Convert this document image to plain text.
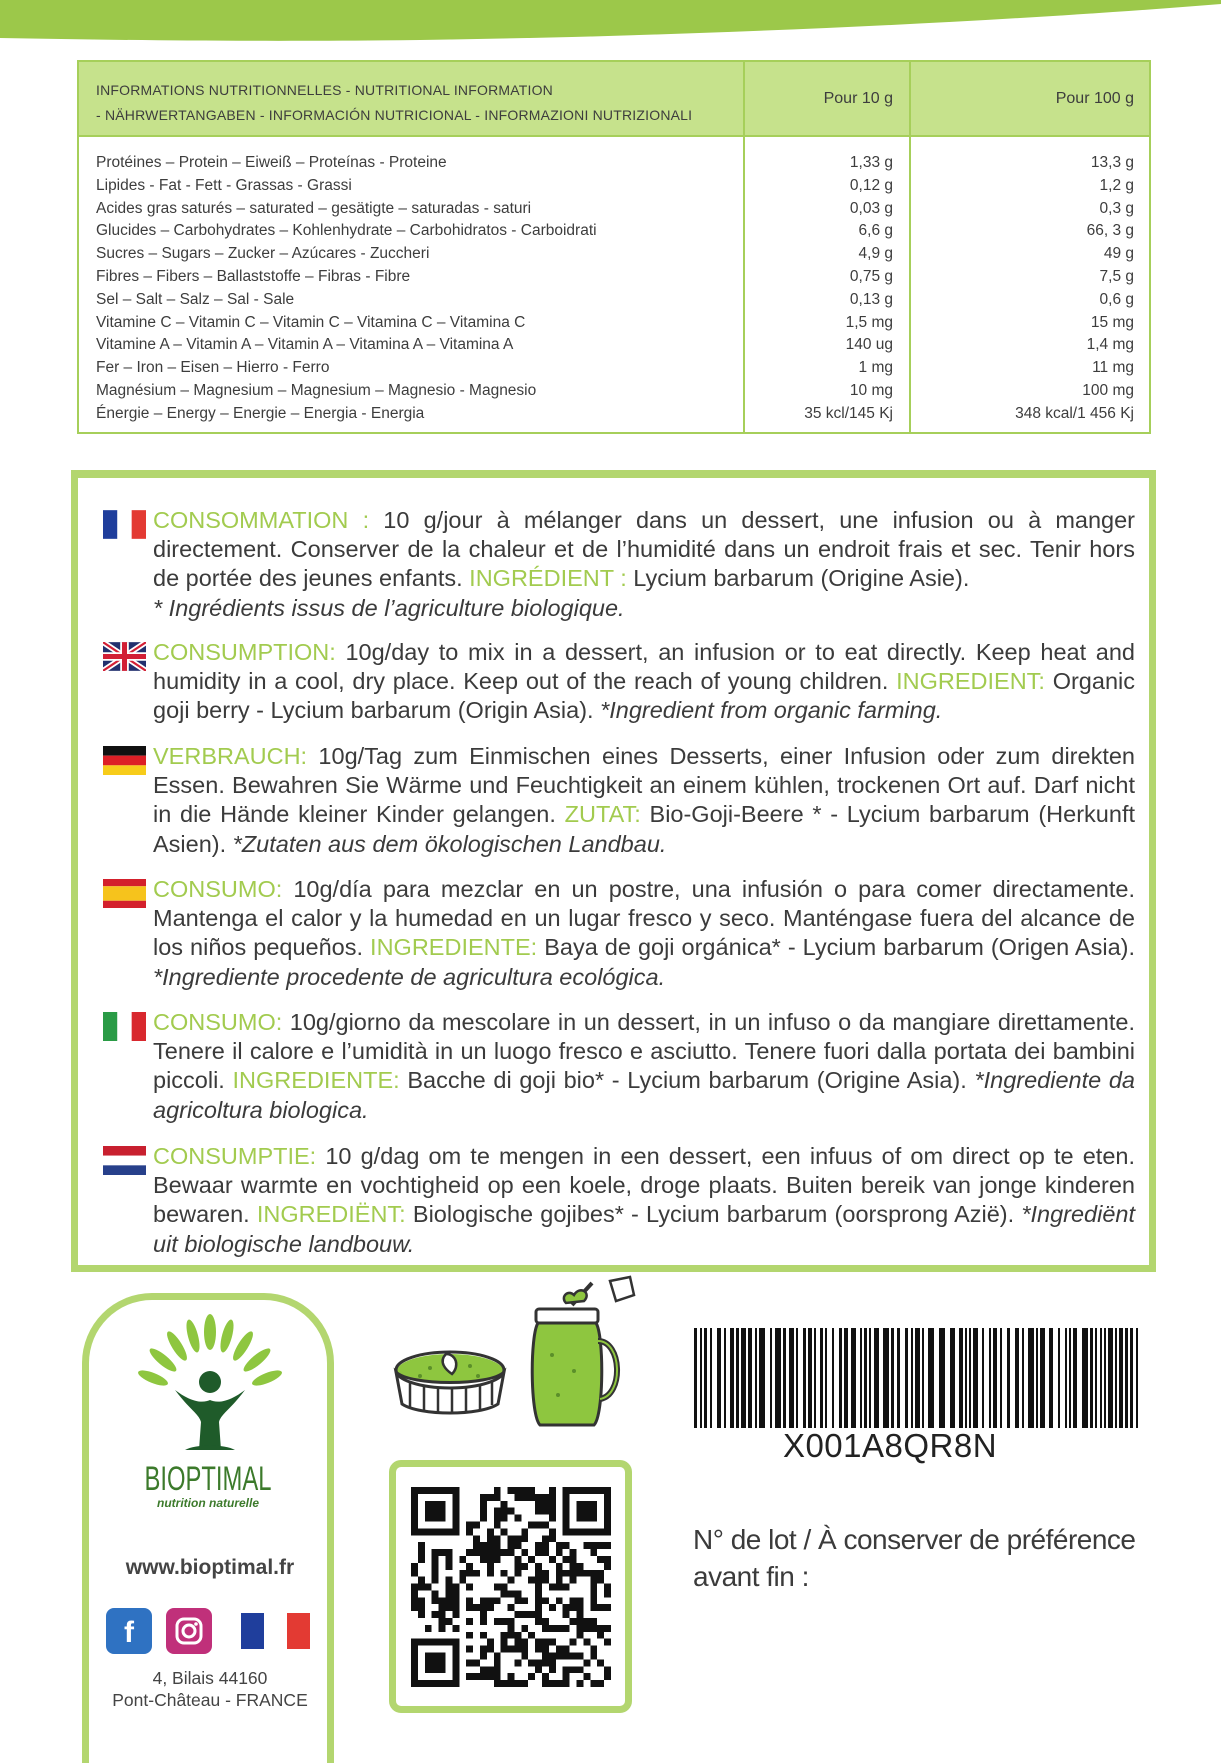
INFORMATIONS NUTRITIONNELLES - NUTRITIONAL INFORMATION
- NÄHRWERTANGABEN - INFORMACIÓN NUTRICIONAL - INFORMAZIONI NUTRIZIONALI
Pour 10 g	Pour 100 g
Protéines – Protein – Eiweiß – Proteínas - Proteine	1,33 g	13,3 g
Lipides - Fat - Fett - Grassas - Grassi	0,12 g	1,2 g
Acides gras saturés – saturated – gesätigte – saturadas - saturi	0,03 g	0,3 g
Glucides – Carbohydrates – Kohlenhydrate – Carbohidratos - Carboidrati	6,6 g	66, 3 g
Sucres – Sugars – Zucker – Azúcares - Zuccheri	4,9 g	49 g
Fibres – Fibers – Ballaststoffe – Fibras - Fibre	0,75 g	7,5 g
Sel – Salt – Salz – Sal - Sale	0,13 g	0,6 g
Vitamine C – Vitamin C – Vitamin C – Vitamina C – Vitamina C	1,5 mg	15 mg
Vitamine A – Vitamin A – Vitamin A – Vitamina A – Vitamina A	140 ug	1,4 mg
Fer – Iron – Eisen – Hierro - Ferro	1 mg	11 mg
Magnésium – Magnesium – Magnesium – Magnesio - Magnesio	10 mg	100 mg
Énergie – Energy – Energie – Energia - Energia	35 kcl/145 Kj	348 kcal/1 456 Kj
CONSOMMATION : 10 g/jour à mélanger dans un dessert, une infusion ou à manger directement. Conserver de la chaleur et de l’humidité dans un endroit frais et sec. Tenir hors de portée des jeunes enfants. INGRÉDIENT : Lycium barbarum (Origine Asie).
* Ingrédients issus de l’agriculture biologique.
CONSUMPTION: 10g/day to mix in a dessert, an infusion or to eat directly. Keep heat and humidity in a cool, dry place. Keep out of the reach of young children. INGREDIENT: Organic goji berry - Lycium barbarum (Origin Asia). *Ingredient from organic farming.
VERBRAUCH: 10g/Tag zum Einmischen eines Desserts, einer Infusion oder zum direkten Essen. Bewahren Sie Wärme und Feuchtigkeit an einem kühlen, trockenen Ort auf. Darf nicht in die Hände kleiner Kinder gelangen. ZUTAT: Bio-Goji-Beere * - Lycium barbarum (Herkunft Asien). *Zutaten aus dem ökologischen Landbau.
CONSUMO: 10g/día para mezclar en un postre, una infusión o para comer directamente. Mantenga el calor y la humedad en un lugar fresco y seco. Manténgase fuera del alcance de los niños pequeños. INGREDIENTE: Baya de goji orgánica* - Lycium barbarum (Origen Asia). *Ingrediente procedente de agricultura ecológica.
CONSUMO: 10g/giorno da mescolare in un dessert, in un infuso o da mangiare direttamente. Tenere il calore e l’umidità in un luogo fresco e asciutto. Tenere fuori dalla portata dei bambini piccoli. INGREDIENTE: Bacche di goji bio* - Lycium barbarum (Origine Asia). *Ingrediente da agricoltura biologica.
CONSUMPTIE: 10 g/dag om te mengen in een dessert, een infuus of om direct op te eten. Bewaar warmte en vochtigheid op een koele, droge plaats. Buiten bereik van jonge kinderen bewaren. INGREDIËNT: Biologische gojibes* - Lycium barbarum (oorsprong Azië). *Ingrediënt uit biologische landbouw.
BIOPTIMAL
nutrition naturelle
www.bioptimal.fr
f
4, Bilais 44160
Pont-Château - FRANCE
X001A8QR8N
N° de lot / À conserver de préférence avant fin :
